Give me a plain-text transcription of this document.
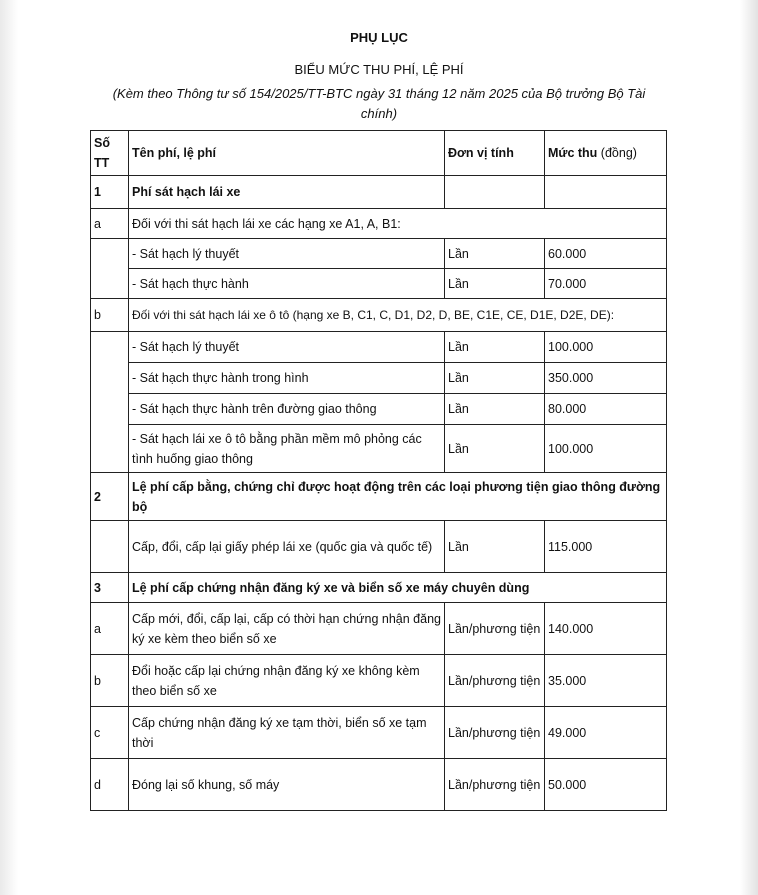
PHỤ LỤC
BIỂU MỨC THU PHÍ, LỆ PHÍ
(Kèm theo Thông tư số 154/2025/TT-BTC ngày 31 tháng 12 năm 2025 của Bộ trưởng Bộ Tài chính)
Số TT	Tên phí, lệ phí	Đơn vị tính	Mức thu (đồng)
1	Phí sát hạch lái xe		
a	Đối với thi sát hạch lái xe các hạng xe A1, A, B1:		
	- Sát hạch lý thuyết	Lần	60.000
	- Sát hạch thực hành	Lần	70.000
b	Đối với thi sát hạch lái xe ô tô (hạng xe B, C1, C, D1, D2, D, BE, C1E, CE, D1E, D2E, DE):		
	- Sát hạch lý thuyết	Lần	100.000
	- Sát hạch thực hành trong hình	Lần	350.000
	- Sát hạch thực hành trên đường giao thông	Lần	80.000
	- Sát hạch lái xe ô tô bằng phần mềm mô phỏng các tình huống giao thông	Lần	100.000
2	Lệ phí cấp bằng, chứng chỉ được hoạt động trên các loại phương tiện giao thông đường bộ		
	Cấp, đổi, cấp lại giấy phép lái xe (quốc gia và quốc tế)	Lần	115.000
3	Lệ phí cấp chứng nhận đăng ký xe và biển số xe máy chuyên dùng		
a	Cấp mới, đổi, cấp lại, cấp có thời hạn chứng nhận đăng ký xe kèm theo biển số xe	Lần/phương tiện	140.000
b	Đổi hoặc cấp lại chứng nhận đăng ký xe không kèm theo biển số xe	Lần/phương tiện	35.000
c	Cấp chứng nhận đăng ký xe tạm thời, biển số xe tạm thời	Lần/phương tiện	49.000
d	Đóng lại số khung, số máy	Lần/phương tiện	50.000
